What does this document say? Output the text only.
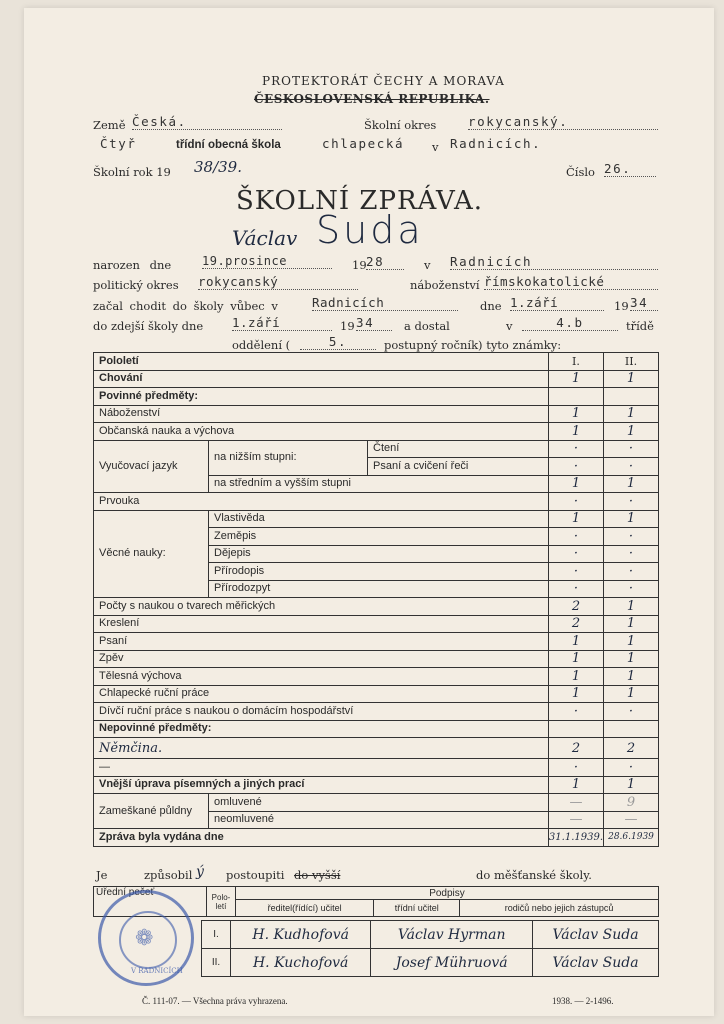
PROTEKTORÁT ČECHY A MORAVA
ČESKOSLOVENSKÁ REPUBLIKA.
Země Česká.	Školní okres	rokycanský.
Čtyř	třídní obecná škola	chlapecká v Radnicích.
Školní rok 19 38/39.	Číslo 26.
ŠKOLNÍ ZPRÁVA.
Václav Suda
narozen dne	19.prosince	19 28	v Radnicích
politický okres rokycanský	náboženství římskokatolické
začal chodit do školy vůbec v	Radnicích	dne 1.září	19 34
do zdejší školy dne 1.září	19 34	a dostal	v	4.b	třídě
oddělení (	5.	postupný ročník) tyto známky:
Pololetí			I.	II.
Chování			1	1
Povinné předměty:				
Náboženství			1	1
Občanská nauka a výchova			1	1
Vyučovací jazyk	na nižším stupni:	Čtení	·	·
		Psaní a cvičení řeči	·	·
	na středním a vyšším stupni		1	1
Prvouka			·	·
Věcné nauky:	Vlastivěda		1	1
	Zeměpis		·	·
	Dějepis		·	·
	Přírodopis		·	·
	Přírodozpyt		·	·
Počty s naukou o tvarech měřických			2	1
Kreslení			2	1
Psaní			1	1
Zpěv			1	1
Tělesná výchova			1	1
Chlapecké ruční práce			1	1
Dívčí ruční práce s naukou o domácím hospodářství			·	·
Nepovinné předměty:				
Němčina.			2	2
—			·	·
Vnější úprava písemných a jiných prací			1	1
Zameškané půldny	omluvené		—	9
	neomluvené		—	—
Zpráva byla vydána dne			31.1.1939.	28.6.1939
Je	způsobil ý postoupiti do vyšší	do měšťanské školy.
Úřední pečeť	Polo-letí	Podpisy		
		ředitel(řídící) učitel	třídní učitel	rodičů nebo jejich zástupců
I.	H. Kudhofová	Václav Hyrman	Václav Suda
II.	H. Kuchofová	Josef Mühruová	Václav Suda
❁
V RADNICÍCH
Č. 111-07. — Všechna práva vyhrazena.	1938. — 2-1496.
